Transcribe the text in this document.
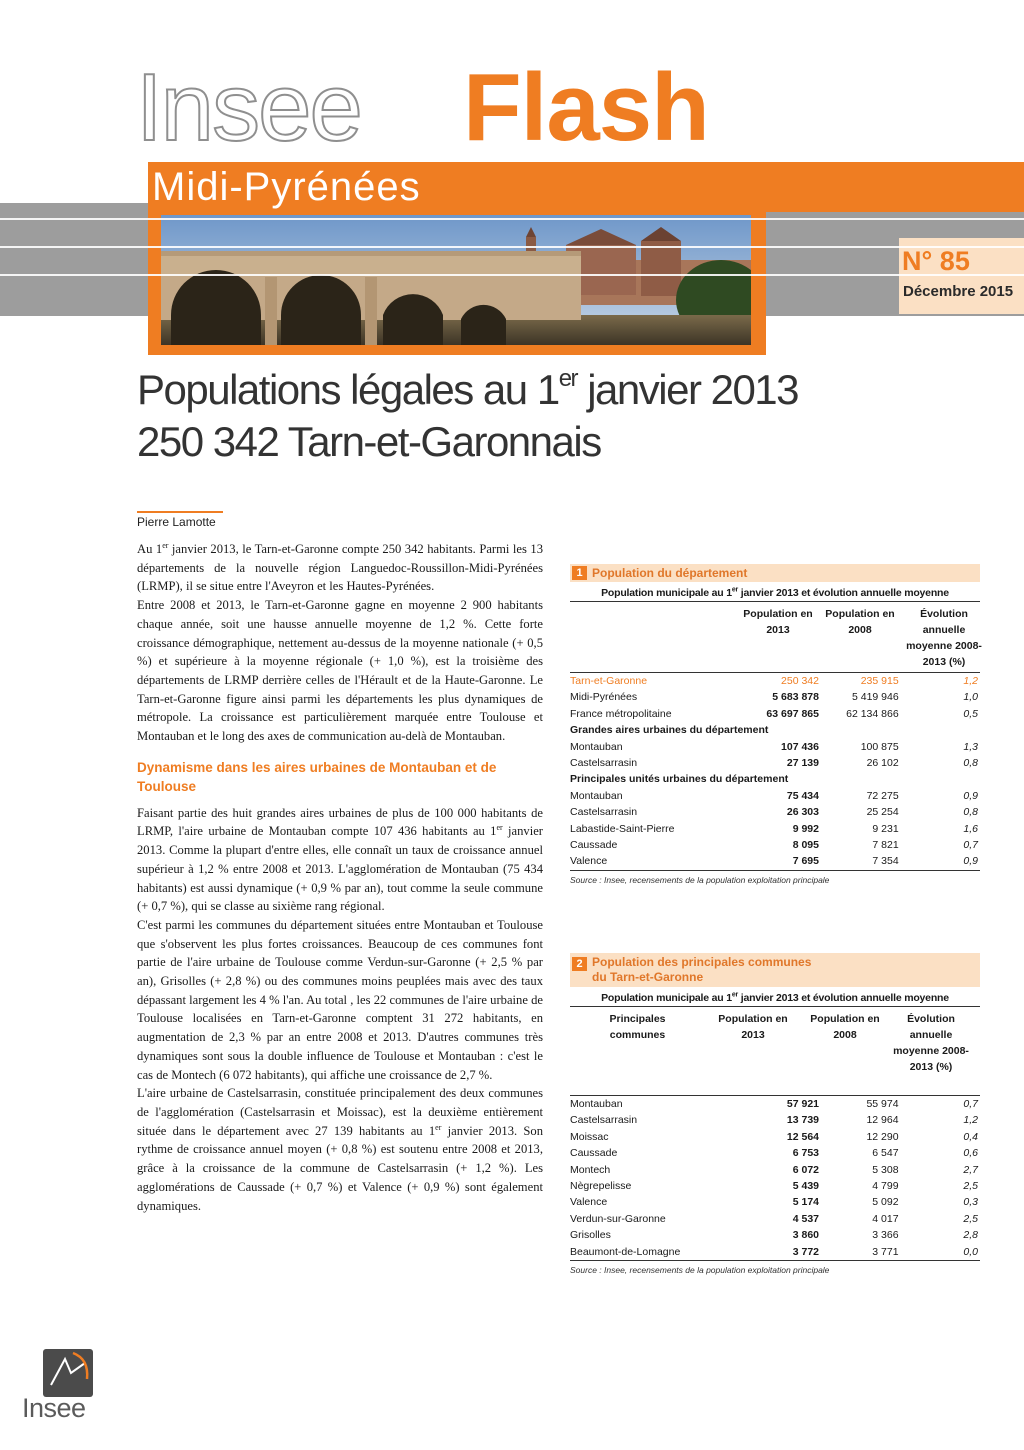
Insee Flash
Midi-Pyrénées
N° 85
Décembre 2015
Populations légales au 1er janvier 2013
250 342 Tarn-et-Garonnais
Pierre Lamotte

Au 1er janvier 2013, le Tarn-et-Garonne compte 250 342 habitants. Parmi les 13 départements de la nouvelle région Languedoc-Roussillon-Midi-Pyrénées (LRMP), il se situe entre l'Aveyron et les Hautes-Pyrénées.

Entre 2008 et 2013, le Tarn-et-Garonne gagne en moyenne 2 900 habitants chaque année, soit une hausse annuelle moyenne de 1,2 %. Cette forte croissance démographique, nettement au-dessus de la moyenne nationale (+ 0,5 %) et supérieure à la moyenne régionale (+ 1,0 %), est la troisième des départements de LRMP derrière celles de l'Hérault et de la Haute-Garonne. Le Tarn-et-Garonne figure ainsi parmi les départements les plus dynamiques de métropole. La croissance est particulièrement marquée entre Toulouse et Montauban et le long des axes de communication au-delà de Montauban.

Dynamisme dans les aires urbaines de Montauban et de Toulouse

Faisant partie des huit grandes aires urbaines de plus de 100 000 habitants de LRMP, l'aire urbaine de Montauban compte 107 436 habitants au 1er janvier 2013. Comme la plupart d'entre elles, elle connaît un taux de croissance annuel supérieur à 1,2 % entre 2008 et 2013. L'agglomération de Montauban (75 434 habitants) est aussi dynamique (+ 0,9 % par an), tout comme la seule commune (+ 0,7 %), qui se classe au sixième rang régional.

C'est parmi les communes du département situées entre Montauban et Toulouse que s'observent les plus fortes croissances. Beaucoup de ces communes font partie de l'aire urbaine de Toulouse comme Verdun-sur-Garonne (+ 2,5 % par an), Grisolles (+ 2,8 %) ou des communes moins peuplées mais avec des taux dépassant largement les 4 % l'an. Au total , les 22 communes de l'aire urbaine de Toulouse localisées en Tarn-et-Garonne comptent 31 272 habitants, en augmentation de 2,3 % par an entre 2008 et 2013. D'autres communes très dynamiques sont sous la double influence de Toulouse et Montauban : c'est le cas de Montech (6 072 habitants), qui affiche une croissance de 2,7 %.

L'aire urbaine de Castelsarrasin, constituée principalement des deux communes de l'agglomération (Castelsarrasin et Moissac), est la deuxième entièrement située dans le département avec 27 139 habitants au 1er janvier 2013. Son rythme de croissance annuel moyen (+ 0,8 %) est soutenu entre 2008 et 2013, grâce à la croissance de la commune de Castelsarrasin (+ 1,2 %). Les agglomérations de Caussade (+ 0,7 %) et Valence (+ 0,9 %) sont également dynamiques.

1 Population du département
Population municipale au 1er janvier 2013 et évolution annuelle moyenne
Population en 2013
Population en 2008
Évolution annuelle moyenne 2008-2013 (%)
Tarn-et-Garonne	250 342	235 915	1,2
Midi-Pyrénées	5 683 878	5 419 946	1,0
France métropolitaine	63 697 865	62 134 866	0,5
Grandes aires urbaines du département			
Montauban	107 436	100 875	1,3
Castelsarrasin	27 139	26 102	0,8
Principales unités urbaines du département			
Montauban	75 434	72 275	0,9
Castelsarrasin	26 303	25 254	0,8
Labastide-Saint-Pierre	9 992	9 231	1,6
Caussade	8 095	7 821	0,7
Valence	7 695	7 354	0,9
Source : Insee, recensements de la population exploitation principale
2 Population des principales communes
du Tarn-et-Garonne
Population municipale au 1er janvier 2013 et évolution annuelle moyenne
Principales communes
Population en 2013
Population en 2008
Évolution annuelle moyenne 2008-2013 (%)
Montauban	57 921	55 974	0,7
Castelsarrasin	13 739	12 964	1,2
Moissac	12 564	12 290	0,4
Caussade	6 753	6 547	0,6
Montech	6 072	5 308	2,7
Nègrepelisse	5 439	4 799	2,5
Valence	5 174	5 092	0,3
Verdun-sur-Garonne	4 537	4 017	2,5
Grisolles	3 860	3 366	2,8
Beaumont-de-Lomagne	3 772	3 771	0,0
Source : Insee, recensements de la population exploitation principale
Insee
